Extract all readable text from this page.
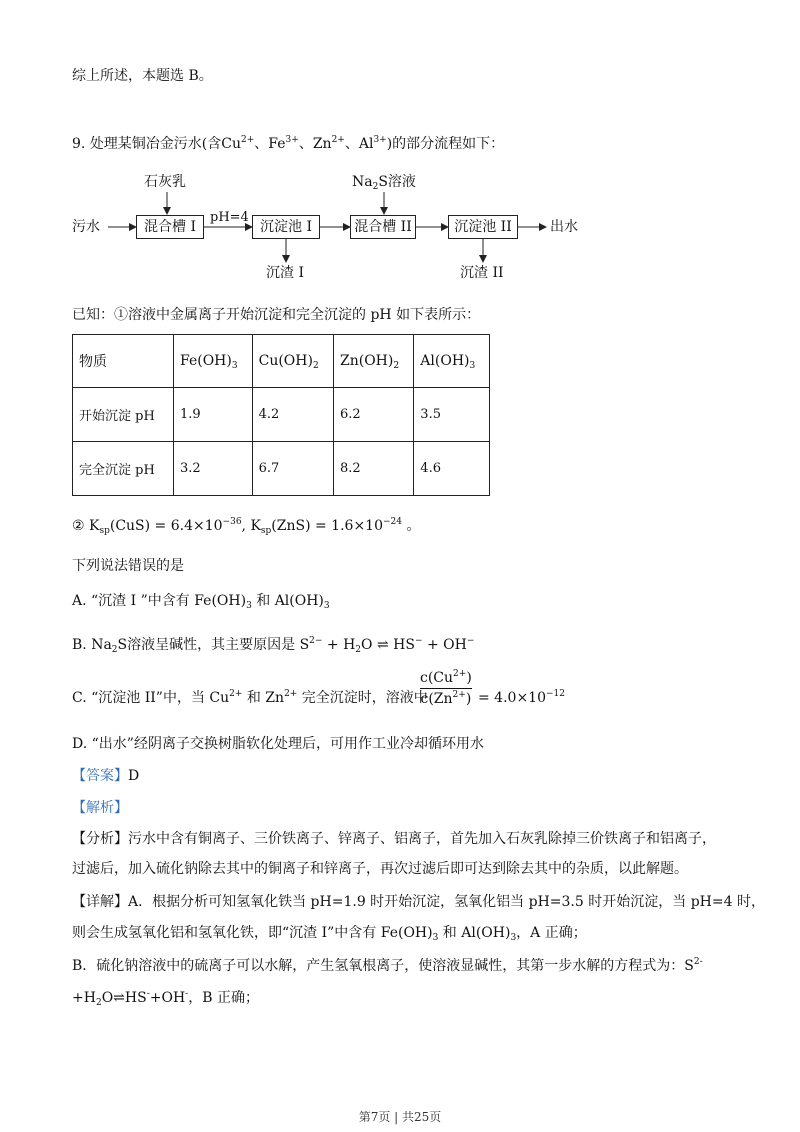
综上所述，本题选 B。
9. 处理某铜冶金污水(含$Cu^{2+}$、$Fe^{3+}$、$Zn^{2+}$、$Al^{3+}$)的部分流程如下：
污水
石灰乳	$Na_2S$溶液
混合槽 I
pH=4
沉淀池 I	混合槽 II	沉淀池 II	出水
沉渣 I	沉渣 II
已知：①溶液中金属离子开始沉淀和完全沉淀的 pH 如下表所示：
物质	$Fe(OH)_3$	$Cu(OH)_2$	$Zn(OH)_2$	$Al(OH)_3$
开始沉淀 pH	1.9	4.2	6.2	3.5
完全沉淀 pH	3.2	6.7	8.2	4.6
② $K_{sp}(CuS) = 6.4\times 10^{-36}$, $K_{sp}(ZnS) = 1.6\times 10^{-24}$ 。
下列说法错误的是
A. “沉渣 I ”中含有 $Fe(OH)_3$ 和 $Al(OH)_3$
B. $Na_2S$溶液呈碱性，其主要原因是 $S^{2-} + H_2O$ ⇌ HS− + OH−
C. “沉淀池 II”中，当 $Cu^{2+}$ 和 $Zn^{2+}$ 完全沉淀时，溶液中
$c(Cu^{2+})$
$c(Zn^{2+}) = 4.0\times 10^{-12}$
D. “出水”经阴离子交换树脂软化处理后，可用作工业冷却循环用水
【答案】D
【解析】
【分析】污水中含有铜离子、三价铁离子、锌离子、铝离子，首先加入石灰乳除掉三价铁离子和铝离子，
过滤后，加入硫化钠除去其中的铜离子和锌离子，再次过滤后即可达到除去其中的杂质，以此解题。
【详解】A．根据分析可知氢氧化铁当 pH=1.9 时开始沉淀，氢氧化铝当 pH=3.5 时开始沉淀，当 pH=4 时，
则会生成氢氧化铝和氢氧化铁，即“沉渣 I”中含有 $Fe(OH)_3$ 和 $Al(OH)_3$，A 正确；
B．硫化钠溶液中的硫离子可以水解，产生氢氧根离子，使溶液显碱性，其第一步水解的方程式为：$S^{2-}$
$+H_2O\rightleftharpoons HS^-+OH^-$，B 正确；
第7页 | 共25页
